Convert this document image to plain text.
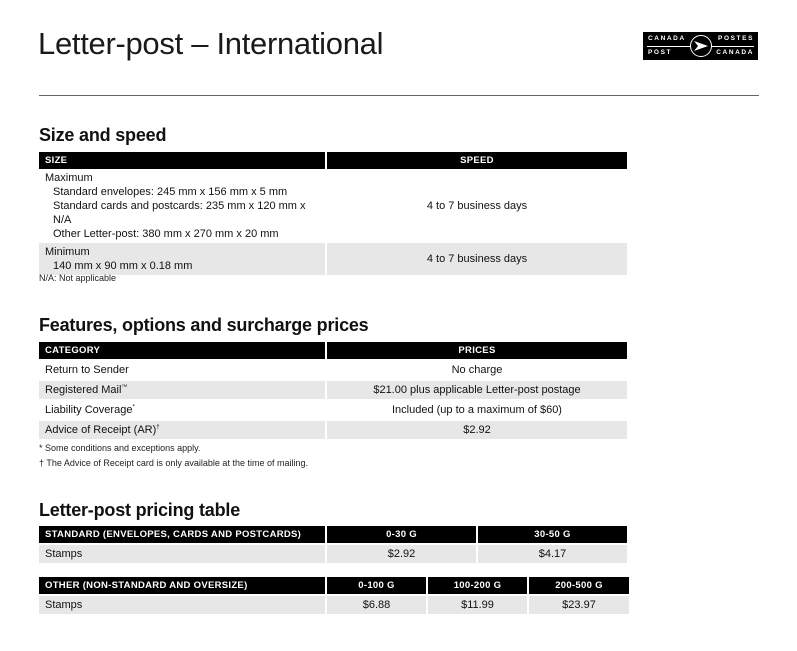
Letter-post – International	CANADA	POSTES
POST	CANADA
Size and speed
SIZE	SPEED
Maximum
Standard envelopes: 245 mm x 156 mm x 5 mm
Standard cards and postcards: 235 mm x 120 mm x N/A
Other Letter-post: 380 mm x 270 mm x 20 mm	4 to 7 business days
Minimum
140 mm x 90 mm x 0.18 mm	4 to 7 business days
N/A: Not applicable
Features, options and surcharge prices
CATEGORY	PRICES
Return to Sender	No charge
Registered Mail™	$21.00 plus applicable Letter-post postage
Liability Coverage*	Included (up to a maximum of $60)
Advice of Receipt (AR)†	$2.92
* Some conditions and exceptions apply.
† The Advice of Receipt card is only available at the time of mailing.
Letter-post pricing table
STANDARD (ENVELOPES, CARDS AND POSTCARDS)	0-30 G	30-50 G
Stamps	$2.92	$4.17
OTHER (NON-STANDARD AND OVERSIZE)	0-100 G	100-200 G	200-500 G
Stamps	$6.88	$11.99	$23.97
